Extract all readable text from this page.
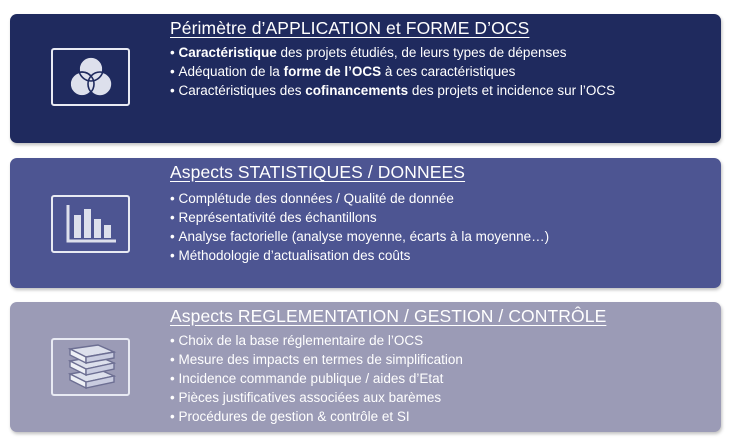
Périmètre d’APPLICATION et FORME D’OCS
• Caractéristique des projets étudiés, de leurs types de dépenses
• Adéquation de la forme de l’OCS à ces caractéristiques
• Caractéristiques des cofinancements des projets et incidence sur l’OCS
Aspects STATISTIQUES / DONNEES
• Complétude des données / Qualité de donnée
• Représentativité des échantillons
• Analyse factorielle (analyse moyenne, écarts à la moyenne…)
• Méthodologie d’actualisation des coûts
Aspects REGLEMENTATION / GESTION / CONTRÔLE
• Choix de la base réglementaire de l’OCS
• Mesure des impacts en termes de simplification
• Incidence commande publique / aides d’Etat
• Pièces justificatives associées aux barèmes
• Procédures de gestion & contrôle et SI
